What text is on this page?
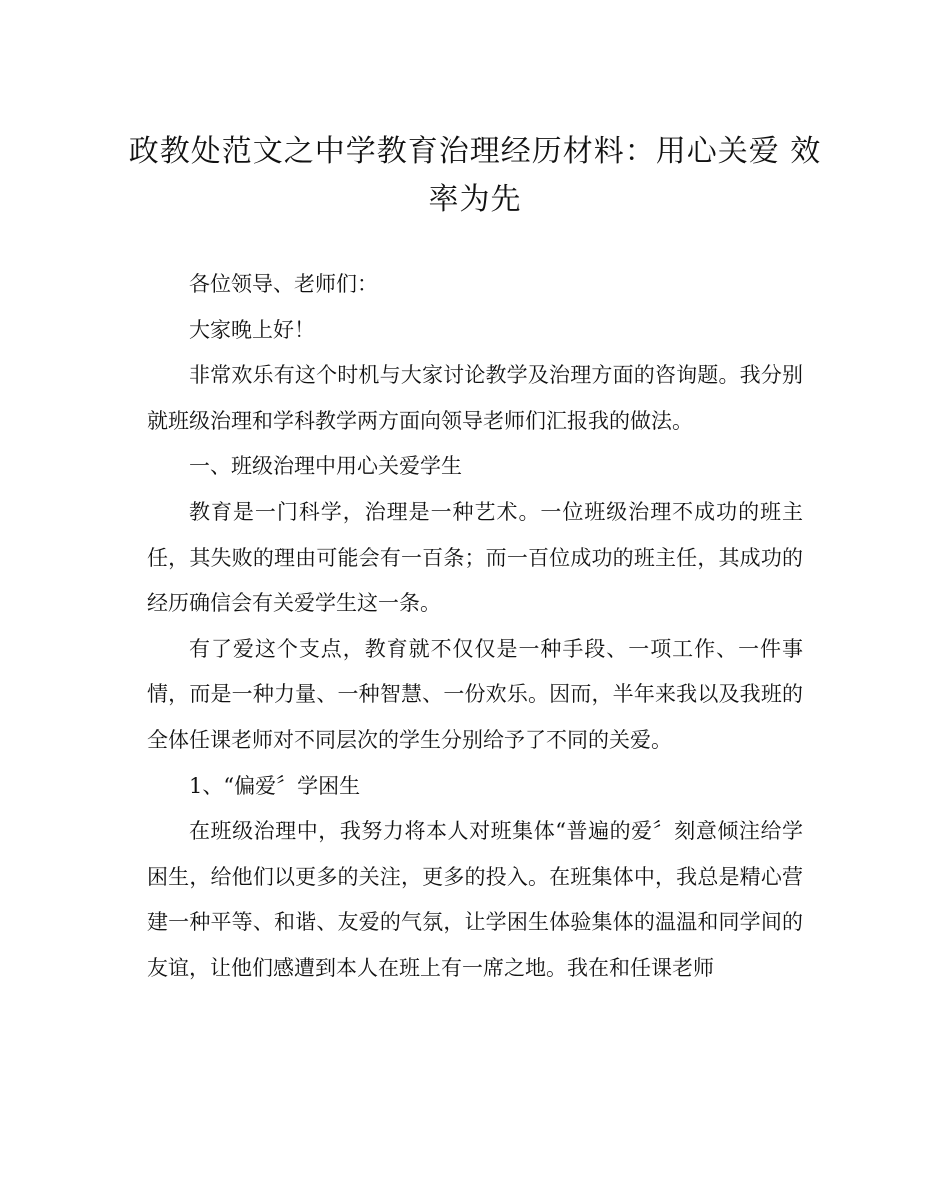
政教处范文之中学教育治理经历材料：用心关爱 效率为先

各位领导、老师们：

大家晚上好！

非常欢乐有这个时机与大家讨论教学及治理方面的咨询题。我分别就班级治理和学科教学两方面向领导老师们汇报我的做法。

一、班级治理中用心关爱学生

教育是一门科学，治理是一种艺术。一位班级治理不成功的班主任，其失败的理由可能会有一百条；而一百位成功的班主任，其成功的经历确信会有关爱学生这一条。

有了爱这个支点，教育就不仅仅是一种手段、一项工作、一件事情，而是一种力量、一种智慧、一份欢乐。因而，半年来我以及我班的全体任课老师对不同层次的学生分别给予了不同的关爱。

1、“偏爱〞学困生

在班级治理中，我努力将本人对班集体“普遍的爱〞刻意倾注给学困生，给他们以更多的关注，更多的投入。在班集体中，我总是精心营建一种平等、和谐、友爱的气氛，让学困生体验集体的温温和同学间的友谊，让他们感遭到本人在班上有一席之地。我在和任课老师
